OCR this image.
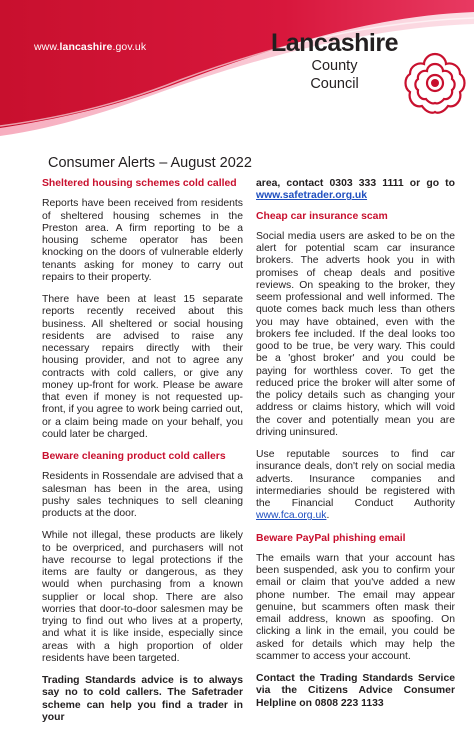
www.lancashire.gov.uk	Lancashire
County
Council
Consumer Alerts – August 2022
Sheltered housing schemes cold called

Reports have been received from residents of sheltered housing schemes in the Preston area. A firm reporting to be a housing scheme operator has been knocking on the doors of vulnerable elderly tenants asking for money to carry out repairs to their property.

There have been at least 15 separate reports recently received about this business. All sheltered or social housing residents are advised to raise any necessary repairs directly with their housing provider, and not to agree any contracts with cold callers, or give any money up-front for work. Please be aware that even if money is not requested up-front, if you agree to work being carried out, or a claim being made on your behalf, you could later be charged.

Beware cleaning product cold callers

Residents in Rossendale are advised that a salesman has been in the area, using pushy sales techniques to sell cleaning products at the door.

While not illegal, these products are likely to be overpriced, and purchasers will not have recourse to legal protections if the items are faulty or dangerous, as they would when purchasing from a known supplier or local shop. There are also worries that door-to-door salesmen may be trying to find out who lives at a property, and what it is like inside, especially since areas with a high proportion of older residents have been targeted.

Trading Standards advice is to always say no to cold callers. The Safetrader scheme can help you find a trader in your

area, contact 0303 333 1111 or go to www.safetrader.org.uk

Cheap car insurance scam

Social media users are asked to be on the alert for potential scam car insurance brokers. The adverts hook you in with promises of cheap deals and positive reviews. On speaking to the broker, they seem professional and well informed. The quote comes back much less than others you may have obtained, even with the brokers fee included. If the deal looks too good to be true, be very wary. This could be a 'ghost broker' and you could be paying for worthless cover. To get the reduced price the broker will alter some of the policy details such as changing your address or claims history, which will void the cover and potentially mean you are driving uninsured.

Use reputable sources to find car insurance deals, don't rely on social media adverts. Insurance companies and intermediaries should be registered with the Financial Conduct Authority www.fca.org.uk.

Beware PayPal phishing email

The emails warn that your account has been suspended, ask you to confirm your email or claim that you've added a new phone number. The email may appear genuine, but scammers often mask their email address, known as spoofing. On clicking a link in the email, you could be asked for details which may help the scammer to access your account.

Contact the Trading Standards Service via the Citizens Advice Consumer Helpline on 0808 223 1133
